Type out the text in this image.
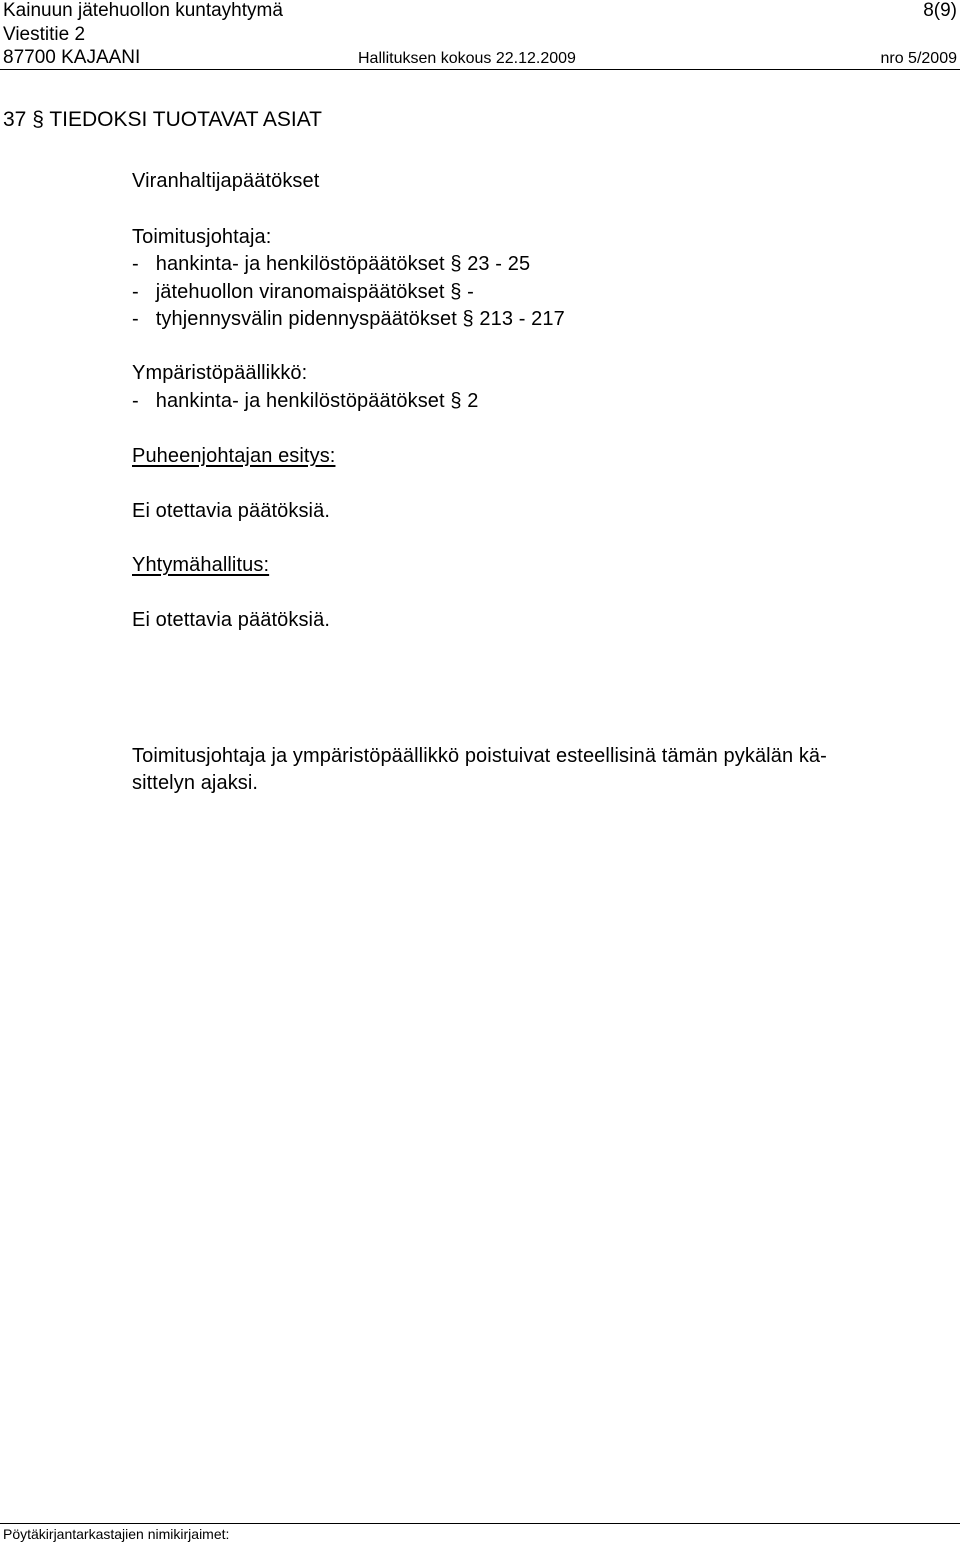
Kainuun jätehuollon kuntayhtymä	8(9)
Viestitie 2
87700 KAJAANI	Hallituksen kokous 22.12.2009	nro 5/2009
37 § TIEDOKSI TUOTAVAT ASIAT
Viranhaltijapäätökset
Toimitusjohtaja:
-   hankinta- ja henkilöstöpäätökset § 23 - 25
-   jätehuollon viranomaispäätökset § -
-   tyhjennysvälin pidennyspäätökset § 213 - 217
Ympäristöpäällikkö:
-   hankinta- ja henkilöstöpäätökset § 2
Puheenjohtajan esitys:
Ei otettavia päätöksiä.
Yhtymähallitus:
Ei otettavia päätöksiä.
Toimitusjohtaja ja ympäristöpäällikkö poistuivat esteellisinä tämän pykälän kä-
sittelyn ajaksi.
Pöytäkirjantarkastajien nimikirjaimet:
